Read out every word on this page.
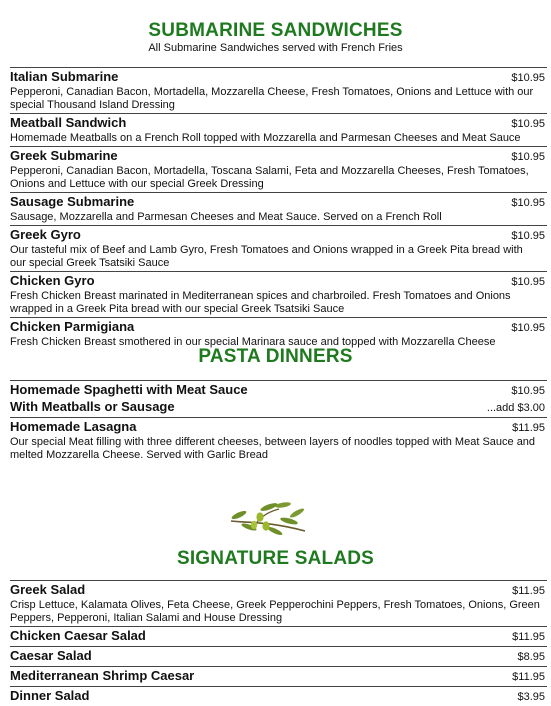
SUBMARINE SANDWICHES
All Submarine Sandwiches served with French Fries
Italian Submarine	$10.95
Pepperoni, Canadian Bacon, Mortadella, Mozzarella Cheese, Fresh Tomatoes, Onions and Lettuce with our special Thousand Island Dressing
Meatball Sandwich	$10.95
Homemade Meatballs on a French Roll topped with Mozzarella and Parmesan Cheeses and Meat Sauce
Greek Submarine	$10.95
Pepperoni, Canadian Bacon, Mortadella, Toscana Salami, Feta and Mozzarella Cheeses, Fresh Tomatoes, Onions and Lettuce with our special Greek Dressing
Sausage Submarine	$10.95
Sausage, Mozzarella and Parmesan Cheeses and Meat Sauce. Served on a French Roll
Greek Gyro	$10.95
Our tasteful mix of Beef and Lamb Gyro, Fresh Tomatoes and Onions wrapped in a Greek Pita bread with our special Greek Tsatsiki Sauce
Chicken Gyro	$10.95
Fresh Chicken Breast marinated in Mediterranean spices and charbroiled. Fresh Tomatoes and Onions wrapped in a Greek Pita bread with our special Greek Tsatsiki Sauce
Chicken Parmigiana	$10.95
Fresh Chicken Breast smothered in our special Marinara sauce and topped with Mozzarella Cheese
PASTA DINNERS
Homemade Spaghetti with Meat Sauce	$10.95
With Meatballs or Sausage	...add $3.00
Homemade Lasagna	$11.95
Our special Meat filling with three different cheeses, between layers of noodles topped with Meat Sauce and melted Mozzarella Cheese. Served with Garlic Bread
SIGNATURE SALADS
Greek Salad	$11.95
Crisp Lettuce, Kalamata Olives, Feta Cheese, Greek Pepperochini Peppers, Fresh Tomatoes, Onions, Green Peppers, Pepperoni, Italian Salami and House Dressing
Chicken Caesar Salad	$11.95
Caesar Salad	$8.95
Mediterranean Shrimp Caesar	$11.95
Dinner Salad	$3.95
